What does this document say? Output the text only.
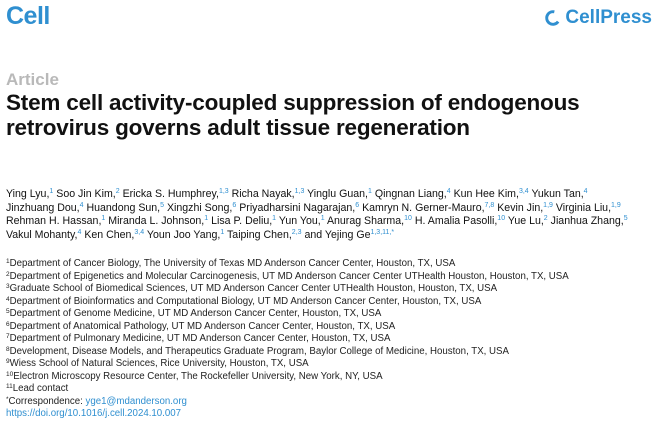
Cell	CellPress
Article
Stem cell activity-coupled suppression of endogenous retrovirus governs adult tissue regeneration
Ying Lyu,$^1$ Soo Jin Kim,$^2$ Ericka S. Humphrey,$^{1,3}$ Richa Nayak,$^{1,3}$ Yinglu Guan,$^1$ Qingnan Liang,$^4$ Kun Hee Kim,$^{3,4}$ Yukun Tan,$^4$ Jinzhuang Dou,$^4$ Huandong Sun,$^5$ Xingzhi Song,$^6$ Priyadharsini Nagarajan,$^6$ Kamryn N. Gerner-Mauro,$^{7,8}$ Kevin Jin,$^{1,9}$ Virginia Liu,$^{1,9}$ Rehman H. Hassan,$^1$ Miranda L. Johnson,$^1$ Lisa P. Deliu,$^1$ Yun You,$^1$ Anurag Sharma,$^{10}$ H. Amalia Pasolli,$^{10}$ Yue Lu,$^2$ Jianhua Zhang,$^5$ Vakul Mohanty,$^4$ Ken Chen,$^{3,4}$ Youn Joo Yang,$^1$ Taiping Chen,$^{2,3}$ and Yejing $Ge^{1,3,11,*}$
$^1$Department of Cancer Biology, The University of Texas MD Anderson Cancer Center, Houston, TX, USA
$^2$Department of Epigenetics and Molecular Carcinogenesis, UT MD Anderson Cancer Center UTHealth Houston, Houston, TX, USA
$^3$Graduate School of Biomedical Sciences, UT MD Anderson Cancer Center UTHealth Houston, Houston, TX, USA
$^4$Department of Bioinformatics and Computational Biology, UT MD Anderson Cancer Center, Houston, TX, USA
$^5$Department of Genome Medicine, UT MD Anderson Cancer Center, Houston, TX, USA
$^6$Department of Anatomical Pathology, UT MD Anderson Cancer Center, Houston, TX, USA
$^7$Department of Pulmonary Medicine, UT MD Anderson Cancer Center, Houston, TX, USA
$^8$Development, Disease Models, and Therapeutics Graduate Program, Baylor College of Medicine, Houston, TX, USA
$^9$Wiess School of Natural Sciences, Rice University, Houston, TX, USA
$^{10}$Electron Microscopy Resource Center, The Rockefeller University, New York, NY, USA
$^{11}$Lead contact
*Correspondence: yge1@mdanderson.org
https://doi.org/10.1016/j.cell.2024.10.007
